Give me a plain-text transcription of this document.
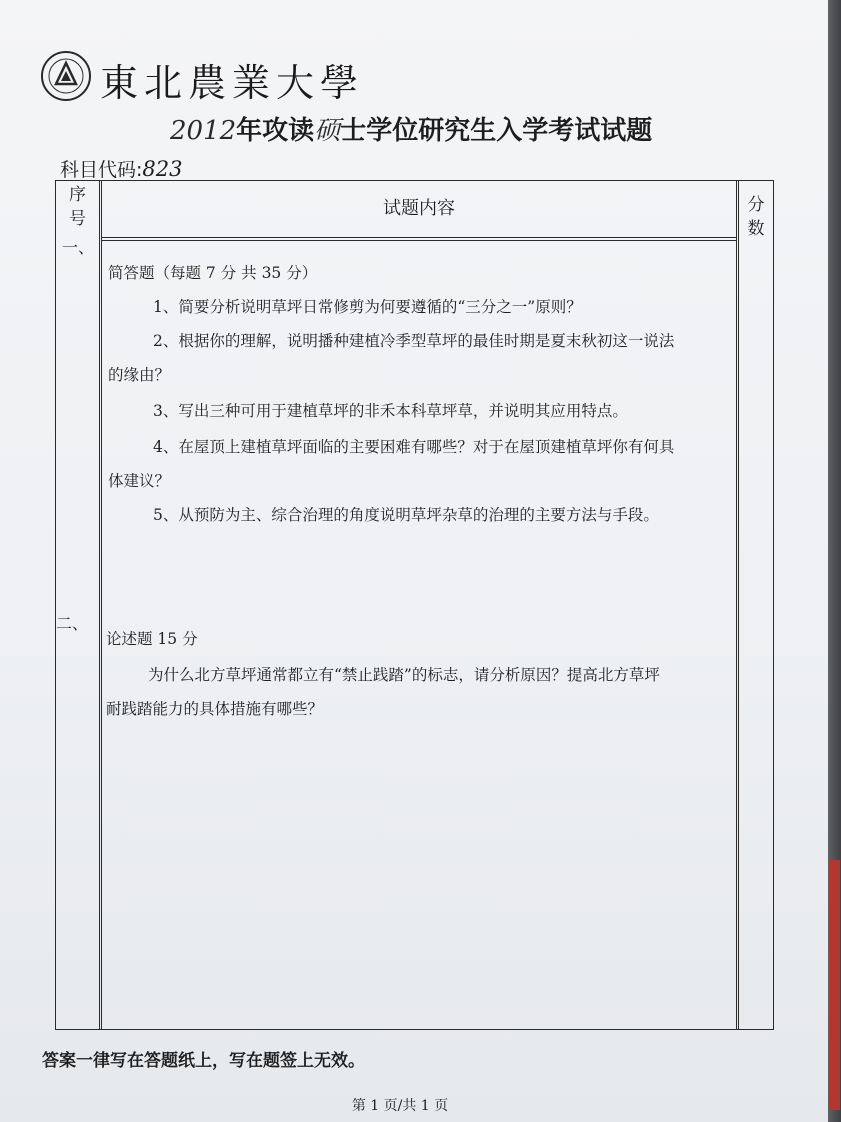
東北農業大學
2012年攻读硕士学位研究生入学考试试题
科目代码:823
序
号	试题内容	分
数
一、
简答题（每题 7 分 共 35 分）
1、简要分析说明草坪日常修剪为何要遵循的“三分之一”原则？
2、根据你的理解，说明播种建植冷季型草坪的最佳时期是夏末秋初这一说法
的缘由？
3、写出三种可用于建植草坪的非禾本科草坪草，并说明其应用特点。
4、在屋顶上建植草坪面临的主要困难有哪些？对于在屋顶建植草坪你有何具
体建议？
5、从预防为主、综合治理的角度说明草坪杂草的治理的主要方法与手段。
二、
论述题 15 分
为什么北方草坪通常都立有“禁止践踏”的标志，请分析原因？提高北方草坪
耐践踏能力的具体措施有哪些？
答案一律写在答题纸上，写在题签上无效。
第 1 页/共 1 页
